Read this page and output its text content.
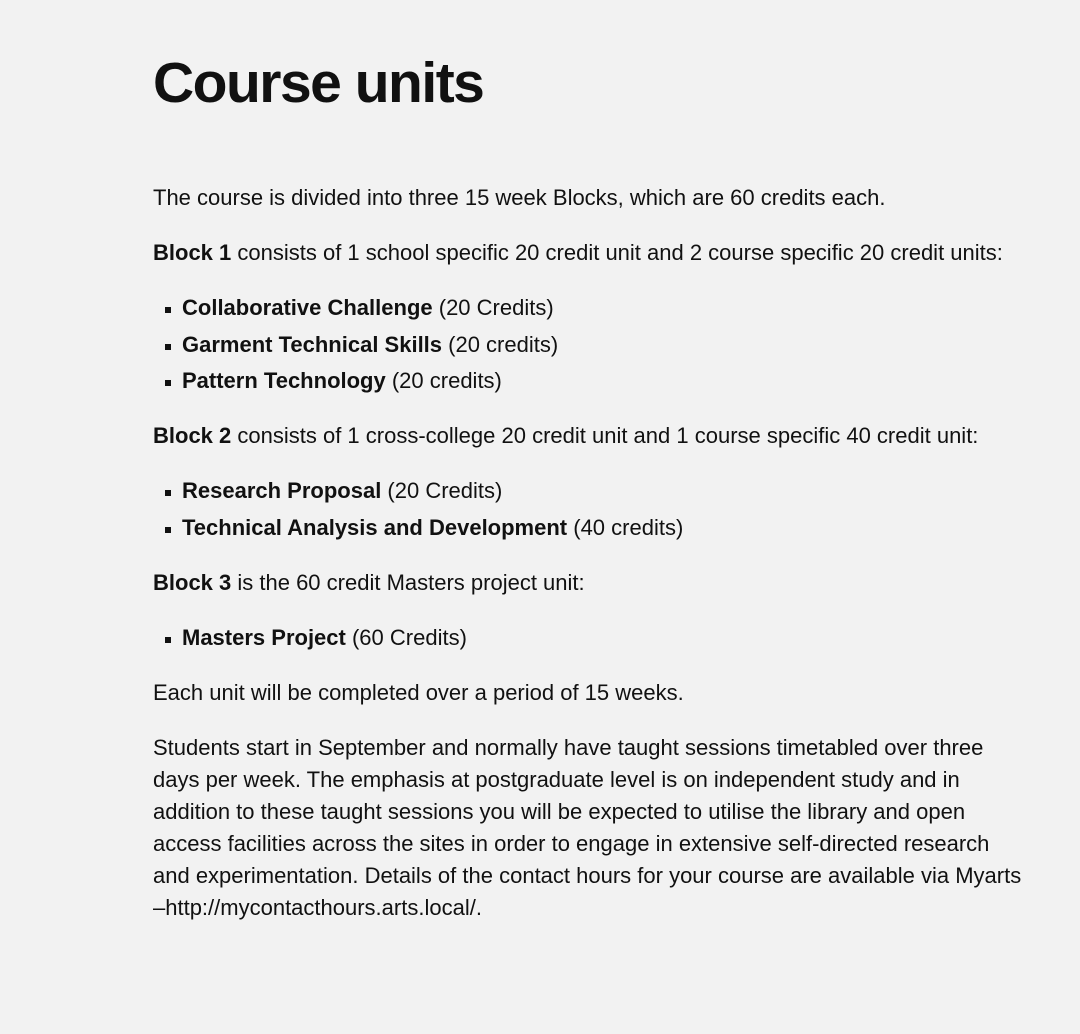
Course units

The course is divided into three 15 week Blocks, which are 60 credits each.

Block 1 consists of 1 school specific 20 credit unit and 2 course specific 20 credit units:

Collaborative Challenge (20 Credits)
Garment Technical Skills (20 credits)
Pattern Technology (20 credits)

Block 2 consists of 1 cross-college 20 credit unit and 1 course specific 40 credit unit:

Research Proposal (20 Credits)
Technical Analysis and Development (40 credits)

Block 3 is the 60 credit Masters project unit:

Masters Project (60 Credits)

Each unit will be completed over a period of 15 weeks.

Students start in September and normally have taught sessions timetabled over three days per week. The emphasis at postgraduate level is on independent study and in addition to these taught sessions you will be expected to utilise the library and open access facilities across the sites in order to engage in extensive self-directed research and experimentation. Details of the contact hours for your course are available via Myarts –http://mycontacthours.arts.local/.
